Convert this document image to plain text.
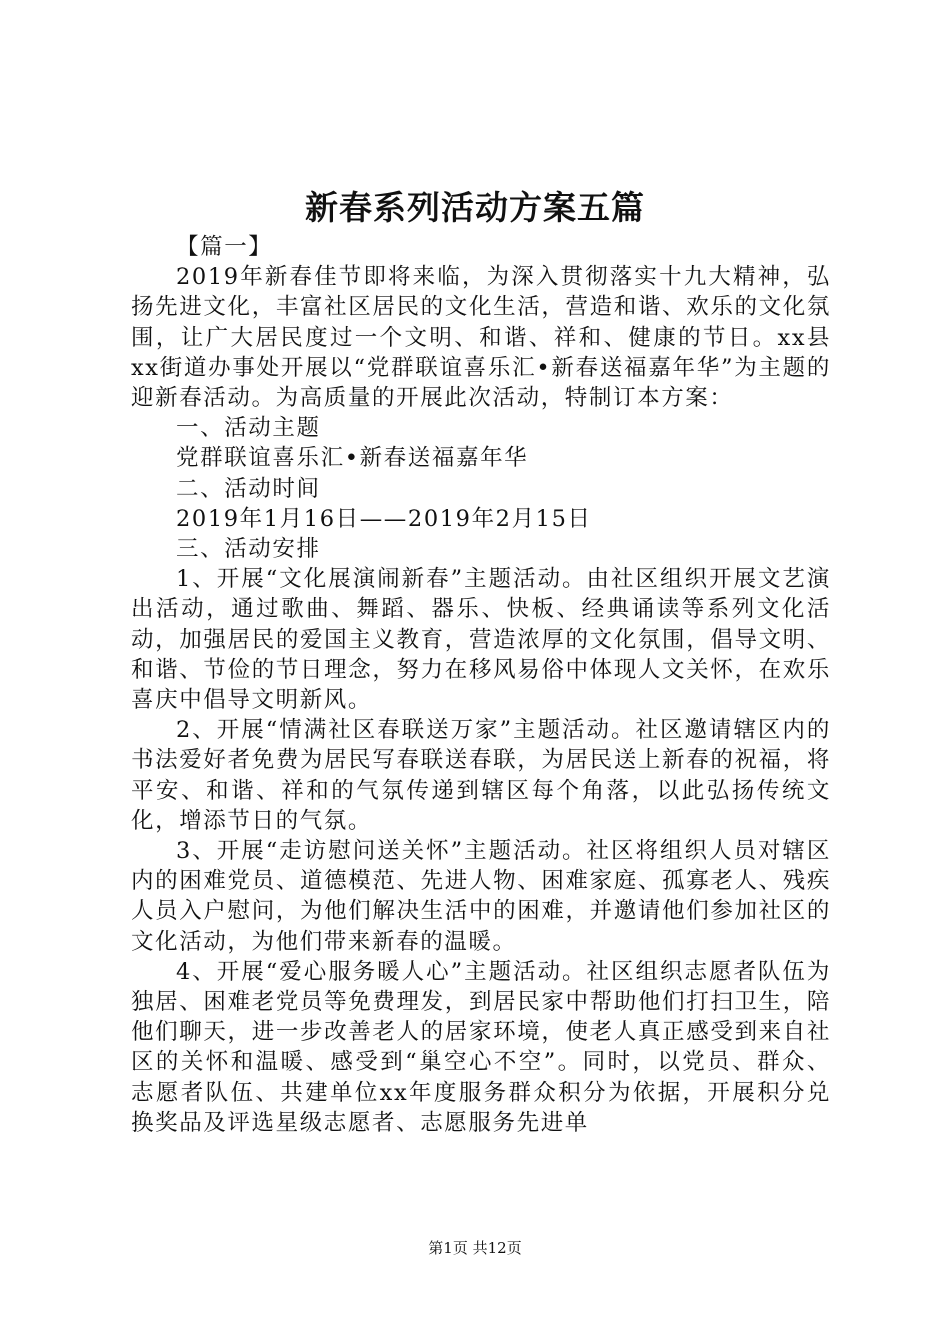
新春系列活动方案五篇

【篇一】

2019年新春佳节即将来临，为深入贯彻落实十九大精神，弘扬先进文化，丰富社区居民的文化生活，营造和谐、欢乐的文化氛围，让广大居民度过一个文明、和谐、祥和、健康的节日。xx县xx街道办事处开展以“党群联谊喜乐汇•新春送福嘉年华”为主题的迎新春活动。为高质量的开展此次活动，特制订本方案：

一、活动主题

党群联谊喜乐汇•新春送福嘉年华

二、活动时间

2019年1月16日——2019年2月15日

三、活动安排

1、开展“文化展演闹新春”主题活动。由社区组织开展文艺演出活动，通过歌曲、舞蹈、器乐、快板、经典诵读等系列文化活动，加强居民的爱国主义教育，营造浓厚的文化氛围，倡导文明、和谐、节俭的节日理念，努力在移风易俗中体现人文关怀，在欢乐喜庆中倡导文明新风。

2、开展“情满社区春联送万家”主题活动。社区邀请辖区内的书法爱好者免费为居民写春联送春联，为居民送上新春的祝福，将平安、和谐、祥和的气氛传递到辖区每个角落，以此弘扬传统文化，增添节日的气氛。

3、开展“走访慰问送关怀”主题活动。社区将组织人员对辖区内的困难党员、道德模范、先进人物、困难家庭、孤寡老人、残疾人员入户慰问，为他们解决生活中的困难，并邀请他们参加社区的文化活动，为他们带来新春的温暖。

4、开展“爱心服务暖人心”主题活动。社区组织志愿者队伍为独居、困难老党员等免费理发，到居民家中帮助他们打扫卫生，陪他们聊天，进一步改善老人的居家环境，使老人真正感受到来自社区的关怀和温暖、感受到“巢空心不空”。同时，以党员、群众、志愿者队伍、共建单位xx年度服务群众积分为依据，开展积分兑换奖品及评选星级志愿者、志愿服务先进单

第1页 共12页
